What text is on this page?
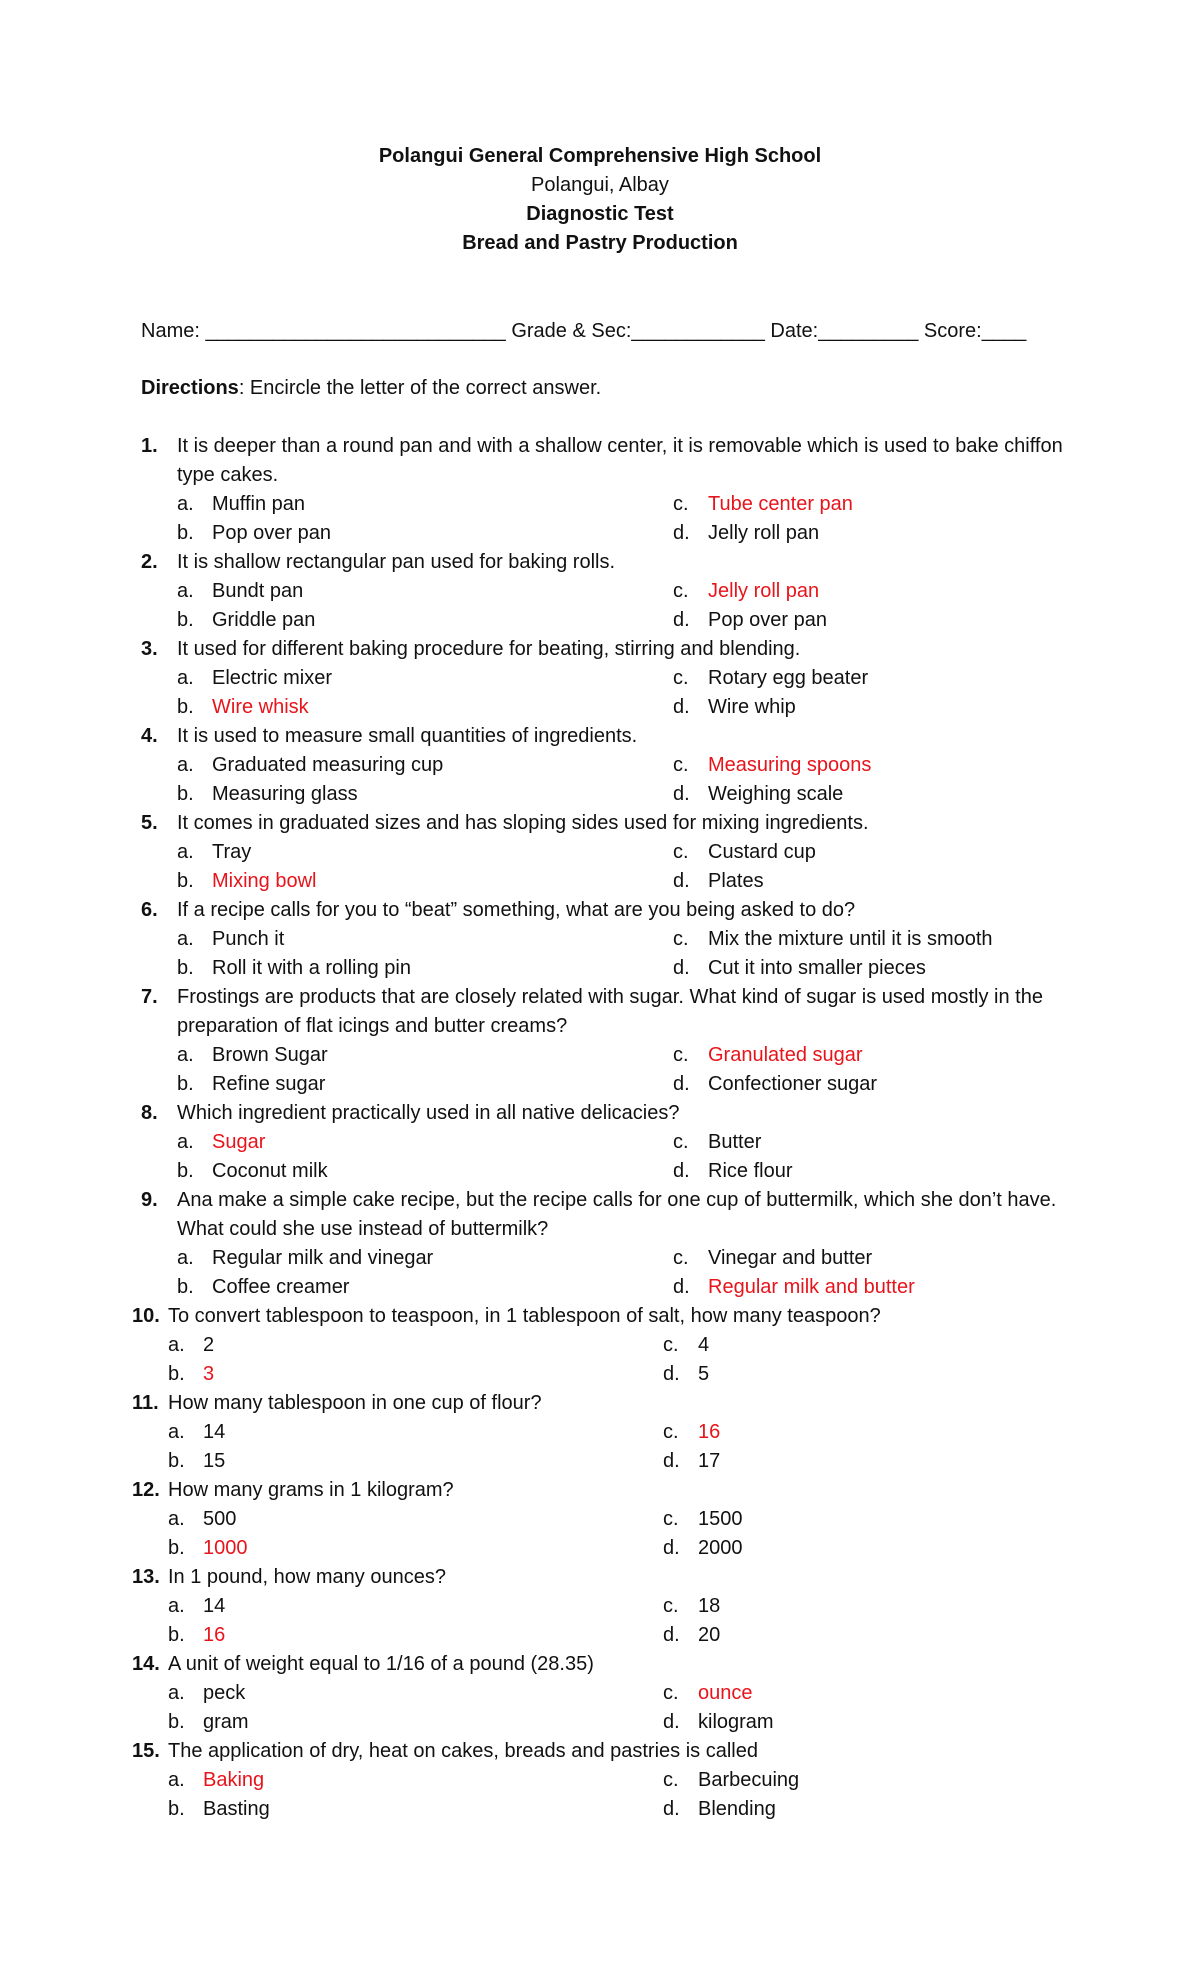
Polangui General Comprehensive High School
Polangui, Albay
Diagnostic Test
Bread and Pastry Production
Name: ___________________________ Grade & Sec:____________ Date:_________ Score:____
Directions: Encircle the letter of the correct answer.
1. It is deeper than a round pan and with a shallow center, it is removable which is used to bake chiffon type cakes.
a. Muffin pan	c. Tube center pan
b. Pop over pan	d. Jelly roll pan
2. It is shallow rectangular pan used for baking rolls.
a. Bundt pan	c. Jelly roll pan
b. Griddle pan	d. Pop over pan
3. It used for different baking procedure for beating, stirring and blending.
a. Electric mixer	c. Rotary egg beater
b. Wire whisk	d. Wire whip
4. It is used to measure small quantities of ingredients.
a. Graduated measuring cup	c. Measuring spoons
b. Measuring glass	d. Weighing scale
5. It comes in graduated sizes and has sloping sides used for mixing ingredients.
a. Tray	c. Custard cup
b. Mixing bowl	d. Plates
6. If a recipe calls for you to “beat” something, what are you being asked to do?
a. Punch it	c. Mix the mixture until it is smooth
b. Roll it with a rolling pin	d. Cut it into smaller pieces
7. Frostings are products that are closely related with sugar. What kind of sugar is used mostly in the preparation of flat icings and butter creams?
a. Brown Sugar	c. Granulated sugar
b. Refine sugar	d. Confectioner sugar
8. Which ingredient practically used in all native delicacies?
a. Sugar	c. Butter
b. Coconut milk	d. Rice flour
9. Ana make a simple cake recipe, but the recipe calls for one cup of buttermilk, which she don’t have. What could she use instead of buttermilk?
a. Regular milk and vinegar	c. Vinegar and butter
b. Coffee creamer	d. Regular milk and butter
10. To convert tablespoon to teaspoon, in 1 tablespoon of salt, how many teaspoon?
a. 2	c. 4
b. 3	d. 5
11. How many tablespoon in one cup of flour?
a. 14	c. 16
b. 15	d. 17
12. How many grams in 1 kilogram?
a. 500	c. 1500
b. 1000	d. 2000
13. In 1 pound, how many ounces?
a. 14	c. 18
b. 16	d. 20
14. A unit of weight equal to 1/16 of a pound (28.35)
a. peck	c. ounce
b. gram	d. kilogram
15. The application of dry, heat on cakes, breads and pastries is called
a. Baking	c. Barbecuing
b. Basting	d. Blending
